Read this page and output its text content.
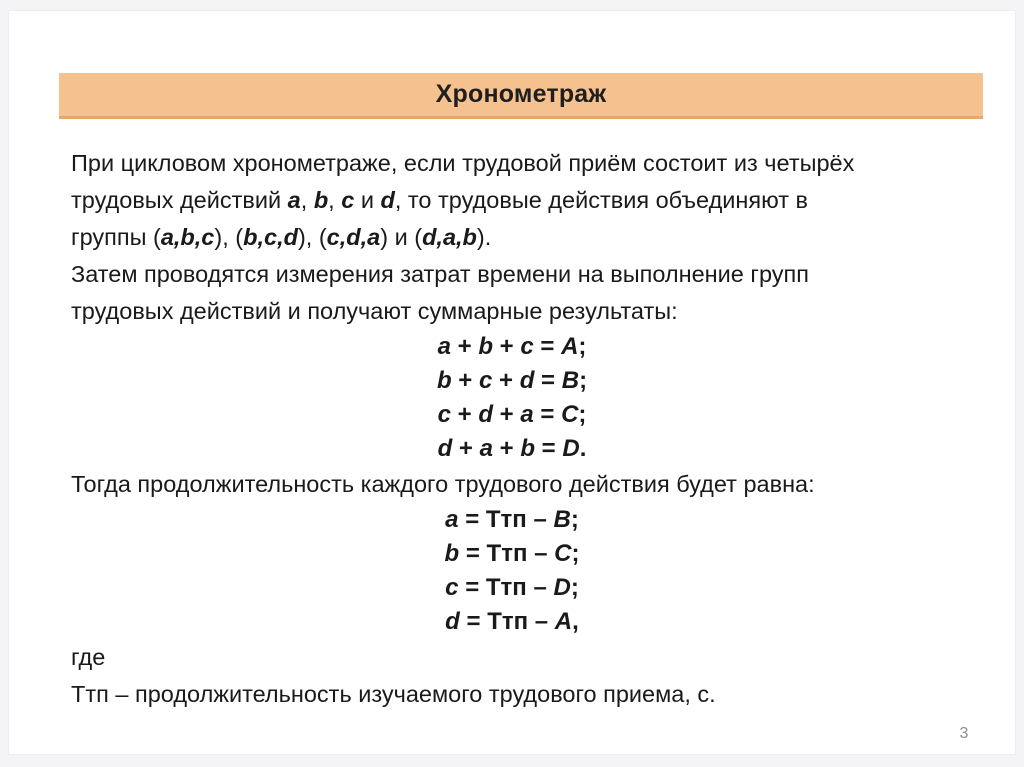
Хронометраж
При цикловом хронометраже, если трудовой приём состоит из четырёх
трудовых действий a, b, c и d, то трудовые действия объединяют в
группы (a,b,c), (b,c,d), (c,d,a) и (d,a,b).
Затем проводятся измерения затрат времени на выполнение групп
трудовых действий и получают суммарные результаты:
a + b + c = A;
b + c + d = B;
c + d + a = C;
d + a + b = D.
Тогда продолжительность каждого трудового действия будет равна:
a = Ттп – B;
b = Ттп – C;
c = Ттп – D;
d = Ттп – A,
где
Ттп – продолжительность изучаемого трудового приема, с.
3
